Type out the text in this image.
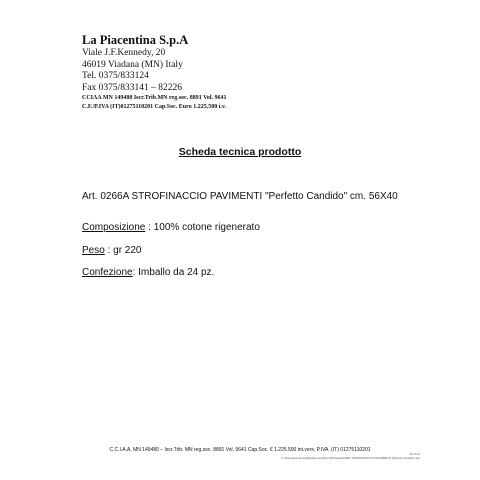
La Piacentina S.p.A
Viale J.F.Kennedy, 20
46019 Viadana (MN) Italy
Tel. 0375/833124
Fax 0375/833141 – 82226
CCIAA MN 149480 Iscr.Trib.MN reg.soc. 8891 Vol. 9641
C.F./P.IVA (IT)01275110201 Cap.Soc. Euro 1.225.500 i.v.
Scheda tecnica prodotto
Art. 0266A STROFINACCIO PAVIMENTI "Perfetto Candido" cm. 56X40
Composizione : 100% cotone rigenerato
Peso : gr 220
Confezione: Imballo da 24 pz.
C.C.I.A.A. MN 149480 – Iscr.Trib. MN reg.soc. 8891 Vol. 9641 Cap.Soc. € 1.225.500 int.vers. P.IVA. (IT) 01275110201
Rc 5.21
C:\Users\utente\AppData\Local\Temp\Scheda 0266A STROFINACCIO PAVIMENTI Perfetto Candido.doc
